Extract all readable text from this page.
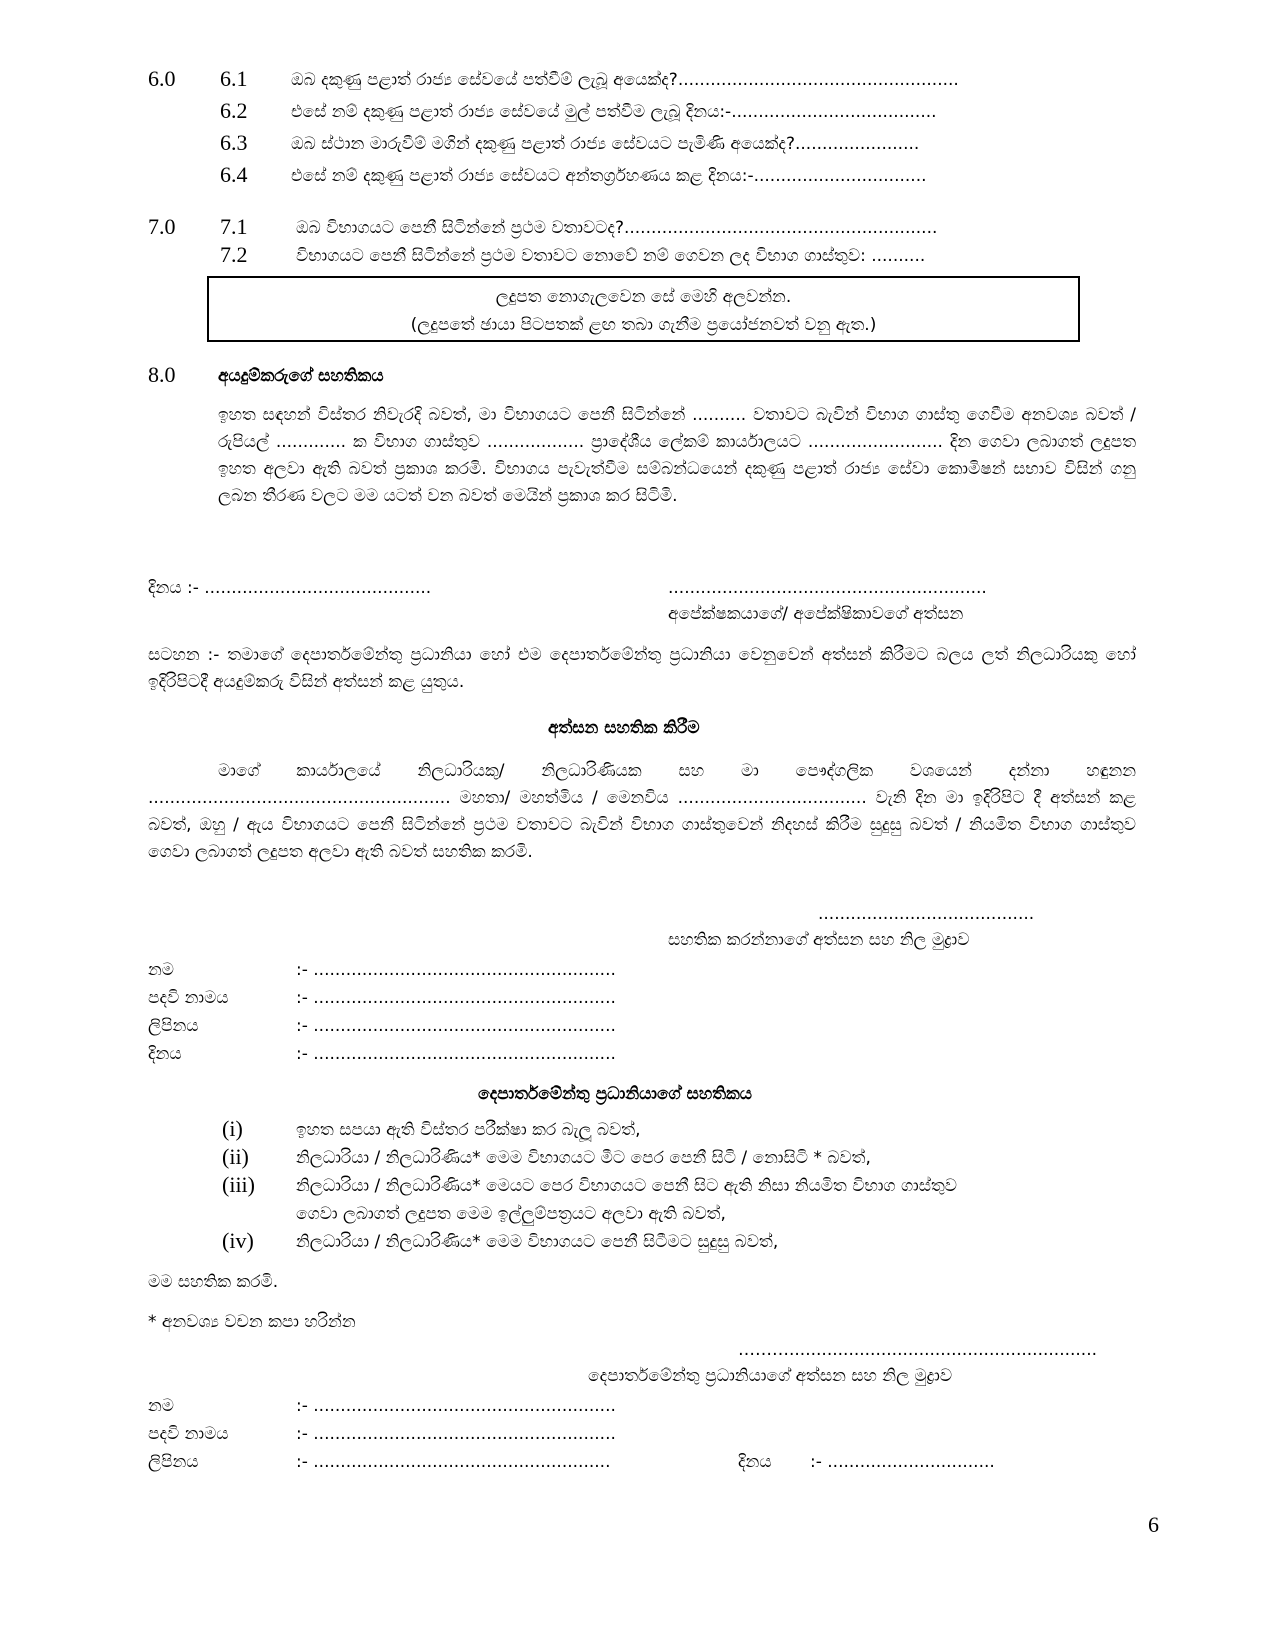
6.0 6.1	ඔබ දකුණු පළාත් රාජ්‍ය සේවයේ පත්වීම් ලැබූ අයෙක්ද?....................................................
6.2	එසේ නම් දකුණු පළාත් රාජ්‍ය සේවයේ මුල් පත්වීම ලැබූ දිනය:-......................................
6.3	ඔබ ස්ථාන මාරුවීම් මගින් දකුණු පළාත් රාජ්‍ය සේවයට පැමිණි අයෙක්ද?.......................
6.4	එසේ නම් දකුණු පළාත් රාජ්‍ය සේවයට අන්තර්ග්‍රහණය කළ දිනය:-................................
7.0 7.1	ඔබ විභාගයට පෙනී සිටින්නේ ප්‍රථම වතාවටද?..........................................................
7.2	විභාගයට පෙනී සිටින්නේ ප්‍රථම වතාවට නොවේ නම් ගෙවන ලද විභාග ගාස්තුව: ..........
ලදුපත නොගැලවෙන සේ මෙහි අලවන්න.
(ලදුපතේ ඡායා පිටපතක් ළඟ තබා ගැනීම ප්‍රයෝජනවත් වනු ඇත.)
8.0	අයදුම්කරුගේ සහතිකය
ඉහත සඳහන් විස්තර නිවැරදි බවත්, මා විභාගයට පෙනී සිටින්නේ .......... වතාවට බැවින් විභාග ගාස්තු ගෙවීම අනවශ්‍ය බවත් / රුපියල් ............. ක විභාග ගාස්තුව .................. ප්‍රාදේශීය ලේකම් කාර්යාලයට ......................... දින ගෙවා ලබාගත් ලදුපත ඉහත අලවා ඇති බවත් ප්‍රකාශ කරමි. විභාගය පැවැත්වීම සම්බන්ධයෙන් දකුණු පළාත් රාජ්‍ය සේවා කොමිෂන් සභාව විසින් ගනු ලබන තීරණ වලට මම යටත් වන බවත් මෙයින් ප්‍රකාශ කර සිටිමි.
දිනය :- ..........................................	...........................................................
අපේක්ෂකයාගේ/ අපේක්ෂිකාවගේ අත්සන
සටහන :- තමාගේ දෙපාර්තමේන්තු ප්‍රධානියා හෝ එම දෙපාර්තමේන්තු ප්‍රධානියා වෙනුවෙන් අත්සන් කිරීමට බලය ලත් නිලධාරියකු හෝ ඉදිරිපිටදී අයදුම්කරු විසින් අත්සන් කළ යුතුය.
අත්සන සහතික කිරීම
මාගේ කාර්යාලයේ නිලධාරියකු/ නිලධාරිණියක සහ මා පෞද්ගලික වශයෙන් දන්නා හඳුනන ........................................................ මහතා/ මහත්මිය / මෙනවිය ................................... වැනි දින මා ඉදිරිපිට දී අත්සන් කළ බවත්, ඔහු / ඇය විභාගයට පෙනී සිටින්නේ ප්‍රථම වතාවට බැවින් විභාග ගාස්තුවෙන් නිදහස් කිරීම සුදුසු බවත් / නියමිත විභාග ගාස්තුව ගෙවා ලබාගත් ලදුපත අලවා ඇති බවත් සහතික කරමි.
........................................
සහතික කරන්නාගේ අත්සන සහ නිල මුද්‍රාව
නම	:- ........................................................
පදවි නාමය	:- ........................................................
ලිපිනය	:- ........................................................
දිනය	:- ........................................................
දෙපාර්තමේන්තු ප්‍රධානියාගේ සහතිකය
(i)	ඉහත සපයා ඇති විස්තර පරීක්ෂා කර බැලූ බවත්,
(ii)	නිලධාරියා / නිලධාරිණිය* මෙම විභාගයට මීට පෙර පෙනී සිටි / නොසිටි * බවත්,
(iii) නිලධාරියා / නිලධාරිණිය* මෙයට පෙර විභාගයට පෙනී සිට ඇති නිසා නියමිත විභාග ගාස්තුව
ගෙවා ලබාගත් ලදුපත මෙම ඉල්ලුම්පත්‍රයට අලවා ඇති බවත්,
(iv) නිලධාරියා / නිලධාරිණිය* මෙම විභාගයට පෙනී සිටීමට සුදුසු බවත්,
මම සහතික කරමි.
* අනවශ්‍ය වචන කපා හරින්න
……….........................................................
දෙපාර්තමේන්තු ප්‍රධානියාගේ අත්සන සහ නිල මුද්‍රාව
නම	:- ........................................................
පදවි නාමය	:- ........................................................
ලිපිනය	:- .......................................................	දිනය :- ...............................
6
